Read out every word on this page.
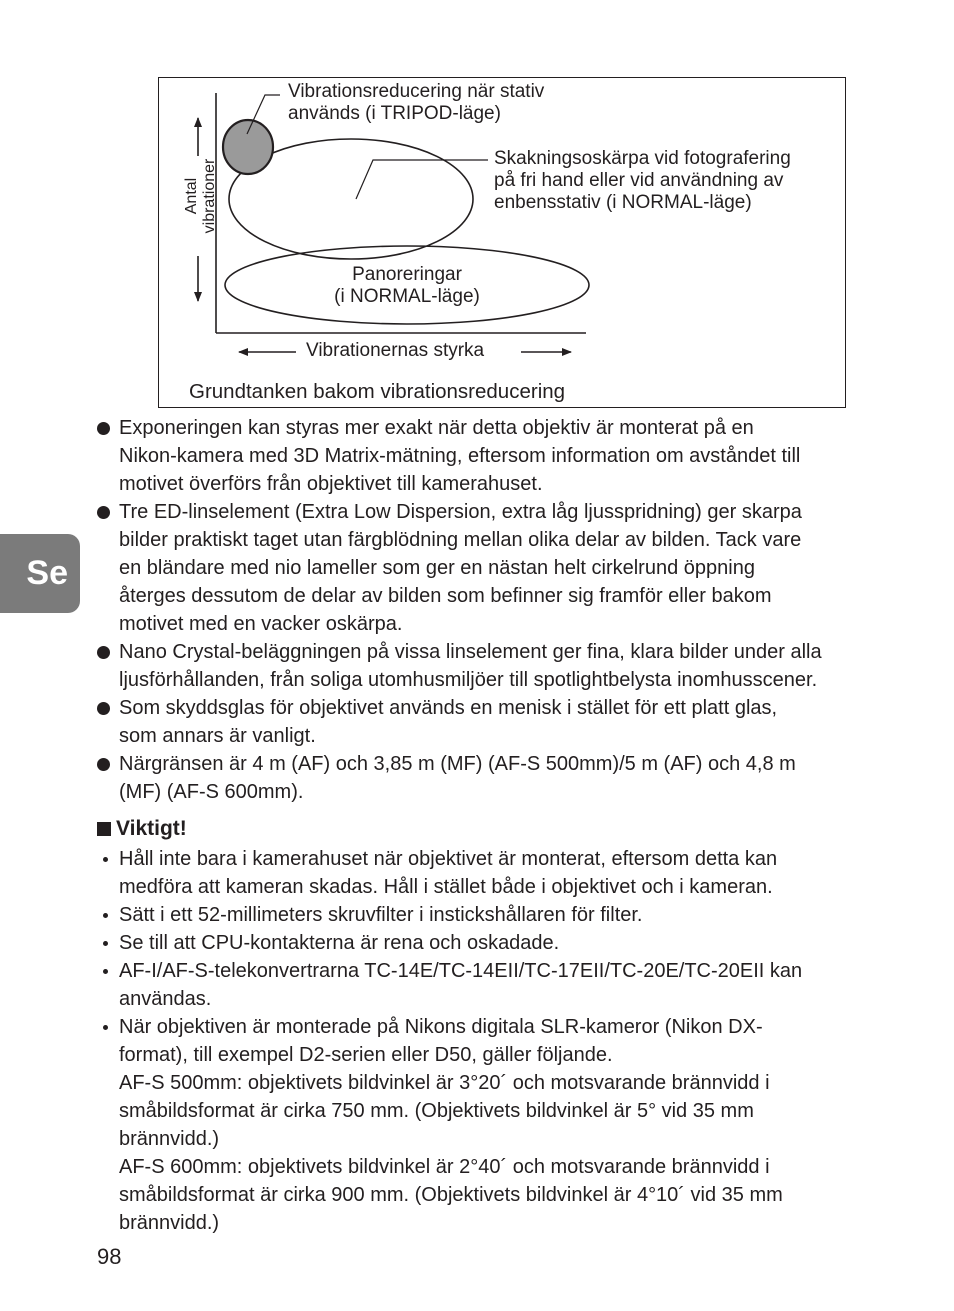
Vibrationsreducering när stativ
används (i TRIPOD-läge)
Skakningsoskärpa vid fotografering
på fri hand eller vid användning av
enbensstativ (i NORMAL-läge)
Panoreringar
(i NORMAL-läge)
Antal vibrationer
Vibrationernas styrka
Grundtanken bakom vibrationsreducering
Se
Exponeringen kan styras mer exakt när detta objektiv är monterat på en
Nikon-kamera med 3D Matrix-mätning, eftersom information om avståndet till
motivet överförs från objektivet till kamerahuset.
Tre ED-linselement (Extra Low Dispersion, extra låg ljusspridning) ger skarpa
bilder praktiskt taget utan färgblödning mellan olika delar av bilden. Tack vare
en bländare med nio lameller som ger en nästan helt cirkelrund öppning
återges dessutom de delar av bilden som befinner sig framför eller bakom
motivet med en vacker oskärpa.
Nano Crystal-beläggningen på vissa linselement ger fina, klara bilder under alla
ljusförhållanden, från soliga utomhusmiljöer till spotlightbelysta inomhusscener.
Som skyddsglas för objektivet används en menisk i stället för ett platt glas,
som annars är vanligt.
Närgränsen är 4 m (AF) och 3,85 m (MF) (AF-S 500mm)/5 m (AF) och 4,8 m
(MF) (AF-S 600mm).
Viktigt!
Håll inte bara i kamerahuset när objektivet är monterat, eftersom detta kan
medföra att kameran skadas. Håll i stället både i objektivet och i kameran.
Sätt i ett 52-millimeters skruvfilter i instickshållaren för filter.
Se till att CPU-kontakterna är rena och oskadade.
AF-I/AF-S-telekonvertrarna TC-14E/TC-14EII/TC-17EII/TC-20E/TC-20EII kan
användas.
När objektiven är monterade på Nikons digitala SLR-kameror (Nikon DX-
format), till exempel D2-serien eller D50, gäller följande.
AF-S 500mm: objektivets bildvinkel är 3°20´ och motsvarande brännvidd i
småbildsformat är cirka 750 mm. (Objektivets bildvinkel är 5° vid 35 mm
brännvidd.)
AF-S 600mm: objektivets bildvinkel är 2°40´ och motsvarande brännvidd i
småbildsformat är cirka 900 mm. (Objektivets bildvinkel är 4°10´ vid 35 mm
brännvidd.)
98
